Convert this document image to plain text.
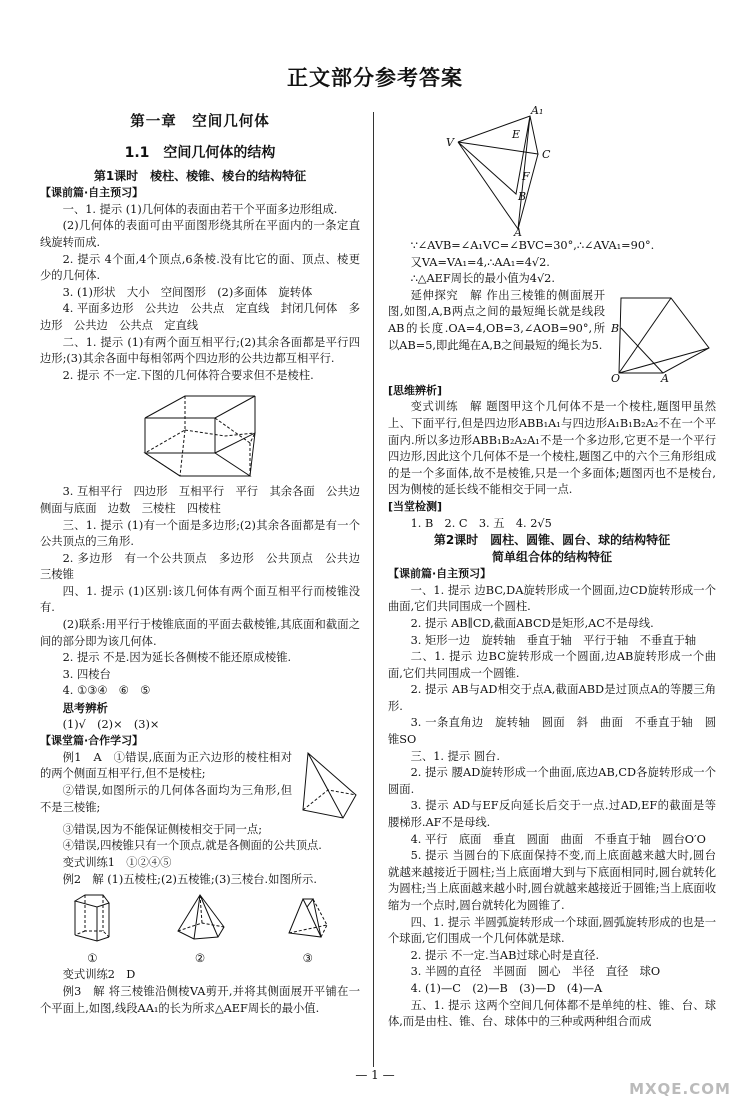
正文部分参考答案
第一章　空间几何体
1.1　空间几何体的结构
第1课时　棱柱、棱锥、棱台的结构特征
【课前篇·自主预习】

一、1. 提示 (1)几何体的表面由若干个平面多边形组成.

(2)几何体的表面可由平面图形绕其所在平面内的一条定直线旋转而成.

2. 提示 4个面,4个顶点,6条棱.没有比它的面、顶点、棱更少的几何体.

3. (1)形状　大小　空间图形　(2)多面体　旋转体

4. 平面多边形　公共边　公共点　定直线　封闭几何体　多边形　公共边　公共点　定直线

二、1. 提示 (1)有两个面互相平行;(2)其余各面都是平行四边形;(3)其余各面中每相邻两个四边形的公共边都互相平行.

2. 提示 不一定.下图的几何体符合要求但不是棱柱.

3. 互相平行　四边形　互相平行　平行　其余各面　公共边　侧面与底面　边数　三棱柱　四棱柱

三、1. 提示 (1)有一个面是多边形;(2)其余各面都是有一个公共顶点的三角形.

2. 多边形　有一个公共顶点　多边形　公共顶点　公共边　三棱锥

四、1. 提示 (1)区别:该几何体有两个面互相平行而棱锥没有.

(2)联系:用平行于棱锥底面的平面去截棱锥,其底面和截面之间的部分即为该几何体.

2. 提示 不是.因为延长各侧棱不能还原成棱锥.

3. 四棱台

4. ①③④　⑥　⑤

思考辨析

(1)√　(2)×　(3)×

【课堂篇·合作学习】

例1　A　①错误,底面为正六边形的棱柱相对的两个侧面互相平行,但不是棱柱;

②错误,如图所示的几何体各面均为三角形,但不是三棱锥;

③错误,因为不能保证侧棱相交于同一点;

④错误,四棱锥只有一个顶点,就是各侧面的公共顶点.

变式训练1　①②④⑤

例2　解 (1)五棱柱;(2)五棱锥;(3)三棱台.如图所示.

①	②	③

变式训练2　D

例3　解 将三棱锥沿侧棱VA剪开,并将其侧面展开平铺在一个平面上,如图,线段AA₁的长为所求△AEF周长的最小值.

V
A₁
C
B
E
F
A

∵∠AVB=∠A₁VC=∠BVC=30°,∴∠AVA₁=90°.

又VA=VA₁=4,∴AA₁=4√2.

∴△AEF周长的最小值为4√2.

延伸探究　解 作出三棱锥的侧面展开图,如图,A,B两点之间的最短绳长就是线段AB的长度.OA=4,OB=3,∠AOB=90°,所以AB=5,即此绳在A,B之间最短的绳长为5.

O	A
B
[思维辨析]

变式训练　解 题图甲这个几何体不是一个棱柱,题图甲虽然上、下面平行,但是四边形ABB₁A₁与四边形A₁B₁B₂A₂不在一个平面内.所以多边形ABB₁B₂A₂A₁不是一个多边形,它更不是一个平行四边形,因此这个几何体不是一个棱柱,题图乙中的六个三角形组成的是一个多面体,故不是棱锥,只是一个多面体;题图丙也不是棱台,因为侧棱的延长线不能相交于同一点.

[当堂检测]

1. B　2. C　3. 五　4. 2√5

第2课时　圆柱、圆锥、圆台、球的结构特征
简单组合体的结构特征
【课前篇·自主预习】

一、1. 提示 边BC,DA旋转形成一个圆面,边CD旋转形成一个曲面,它们共同围成一个圆柱.

2. 提示 AB∥CD,截面ABCD是矩形,AC不是母线.

3. 矩形一边　旋转轴　垂直于轴　平行于轴　不垂直于轴

二、1. 提示 边BC旋转形成一个圆面,边AB旋转形成一个曲面,它们共同围成一个圆锥.

2. 提示 AB与AD相交于点A,截面ABD是过顶点A的等腰三角形.

3. 一条直角边　旋转轴　圆面　斜　曲面　不垂直于轴　圆锥SO

三、1. 提示 圆台.

2. 提示 腰AD旋转形成一个曲面,底边AB,CD各旋转形成一个圆面.

3. 提示 AD与EF反向延长后交于一点.过AD,EF的截面是等腰梯形.AF不是母线.

4. 平行　底面　垂直　圆面　曲面　不垂直于轴　圆台O′O

5. 提示 当圆台的下底面保持不变,而上底面越来越大时,圆台就越来越接近于圆柱;当上底面增大到与下底面相同时,圆台就转化为圆柱;当上底面越来越小时,圆台就越来越接近于圆锥;当上底面收缩为一个点时,圆台就转化为圆锥了.

四、1. 提示 半圆弧旋转形成一个球面,圆弧旋转形成的也是一个球面,它们围成一个几何体就是球.

2. 提示 不一定.当AB过球心时是直径.

3. 半圆的直径　半圆面　圆心　半径　直径　球O

4. (1)—C　(2)—B　(3)—D　(4)—A

五、1. 提示 这两个空间几何体都不是单纯的柱、锥、台、球体,而是由柱、锥、台、球体中的三种或两种组合而成

— 1 —
MXQE.COM
